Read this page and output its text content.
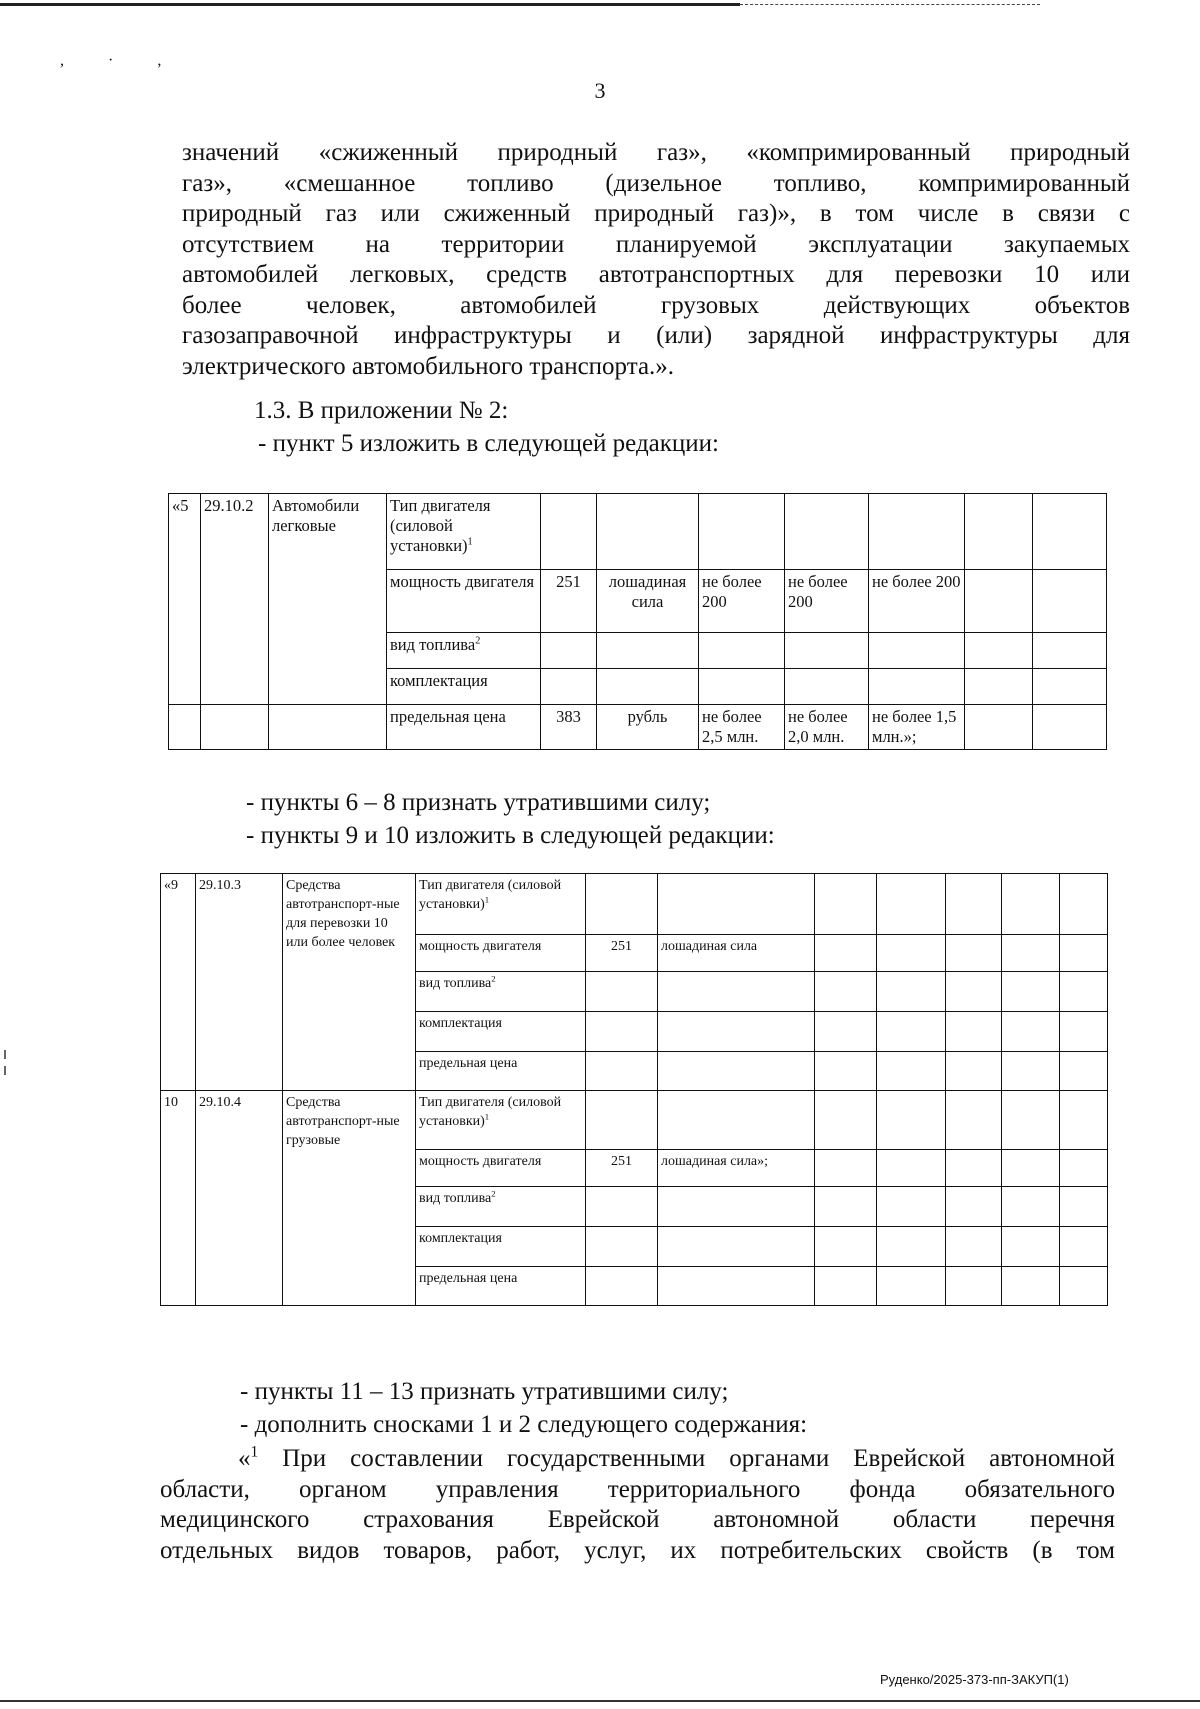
, · ,
3
значений «сжиженный природный газ», «компримированный природный
газ», «смешанное топливо (дизельное топливо, компримированный
природный газ или сжиженный природный газ)», в том числе в связи с
отсутствием на территории планируемой эксплуатации закупаемых
автомобилей легковых, средств автотранспортных для перевозки 10 или
более человек, автомобилей грузовых действующих объектов
газозаправочной инфраструктуры и (или) зарядной инфраструктуры для
электрического автомобильного транспорта.».
1.3. В приложении № 2:
- пункт 5 изложить в следующей редакции:
«5	29.10.2	Автомобили легковые	Тип двигателя (силовой установки)$^1$							
			мощность двигателя	251	лошадиная сила	не более 200	не более 200	не более 200		
			вид топлива$^2$							
			комплектация							
			предельная цена	383	рубль	не более 2,5 млн.	не более 2,0 млн.	не более 1,5 млн.»;		
- пункты 6 – 8 признать утратившими силу;
- пункты 9 и 10 изложить в следующей редакции:
«9	29.10.3	Средства автотранспорт-ные для перевозки 10 или более человек	Тип двигателя (силовой установки)$^1$							
			мощность двигателя	251	лошадиная сила					
			вид топлива$^2$							
			комплектация							
			предельная цена							
10	29.10.4	Средства автотранспорт-ные грузовые	Тип двигателя (силовой установки)$^1$							
			мощность двигателя	251	лошадиная сила»;					
			вид топлива$^2$							
			комплектация							
			предельная цена							
- пункты 11 – 13 признать утратившими силу;
- дополнить сносками 1 и 2 следующего содержания:
«$^1$ При составлении государственными органами Еврейской автономной
области, органом управления территориального фонда обязательного
медицинского страхования Еврейской автономной области перечня
отдельных видов товаров, работ, услуг, их потребительских свойств (в том
Руденко/2025-373-пп-ЗАКУП(1)
